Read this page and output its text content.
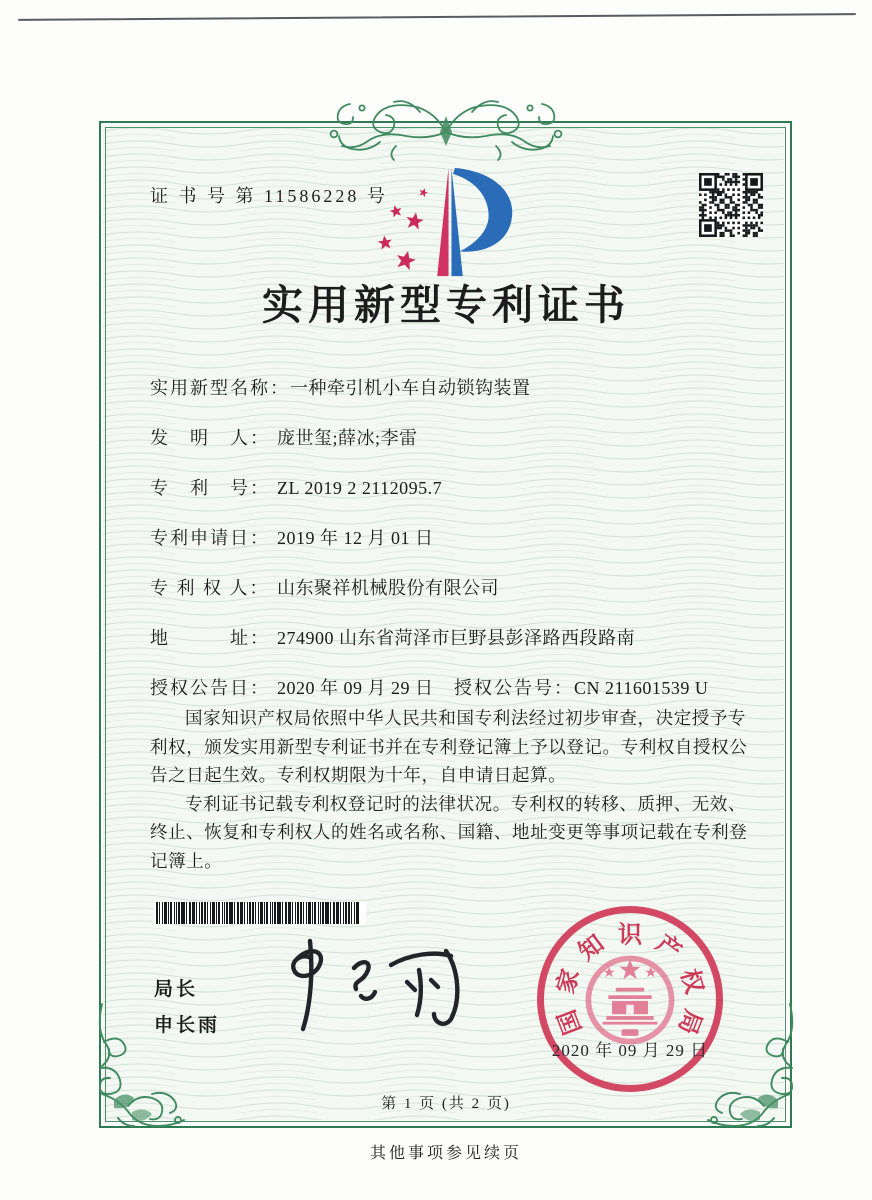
证 书 号 第 11586228 号
实用新型专利证书
实用新型名称：一种牵引机小车自动锁钩装置
发　明　人： 庞世玺;薛冰;李雷
专　利　号： ZL 2019 2 2112095.7
专利申请日： 2019 年 12 月 01 日
专 利 权 人： 山东聚祥机械股份有限公司
地　　　址： 274900 山东省菏泽市巨野县彭泽路西段路南
授权公告日： 2020 年 09 月 29 日 授权公告号：CN 211601539 U

国家知识产权局依照中华人民共和国专利法经过初步审查，决定授予专利权，颁发实用新型专利证书并在专利登记簿上予以登记。专利权自授权公告之日起生效。专利权期限为十年，自申请日起算。

专利证书记载专利权登记时的法律状况。专利权的转移、质押、无效、终止、恢复和专利权人的姓名或名称、国籍、地址变更等事项记载在专利登记簿上。

局长
申长雨	国
家
知 识 产
权
局
2020 年 09 月 29 日
第 1 页 (共 2 页)
其他事项参见续页
